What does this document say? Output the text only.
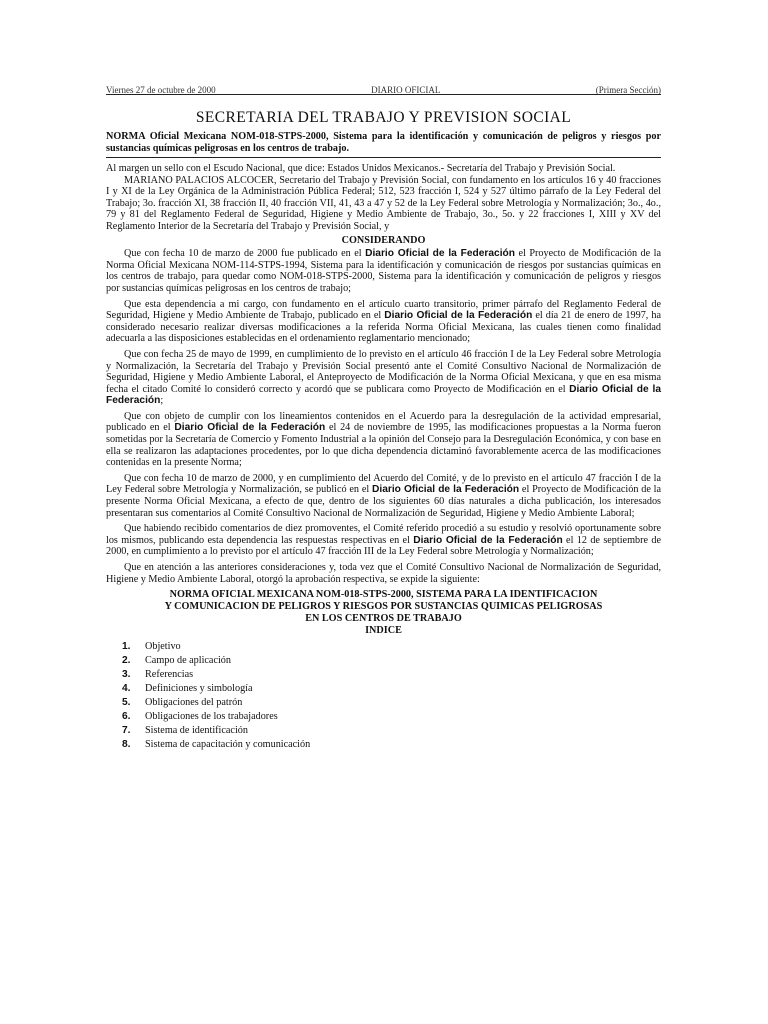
Viernes 27 de octubre de 2000	DIARIO OFICIAL	(Primera Sección)
SECRETARIA DEL TRABAJO Y PREVISION SOCIAL
NORMA Oficial Mexicana NOM-018-STPS-2000, Sistema para la identificación y comunicación de peligros y riesgos por sustancias químicas peligrosas en los centros de trabajo.

Al margen un sello con el Escudo Nacional, que dice: Estados Unidos Mexicanos.- Secretaría del Trabajo y Previsión Social.

MARIANO PALACIOS ALCOCER, Secretario del Trabajo y Previsión Social, con fundamento en los artículos 16 y 40 fracciones I y XI de la Ley Orgánica de la Administración Pública Federal; 512, 523 fracción I, 524 y 527 último párrafo de la Ley Federal del Trabajo; 3o. fracción XI, 38 fracción II, 40 fracción VII, 41, 43 a 47 y 52 de la Ley Federal sobre Metrología y Normalización; 3o., 4o., 79 y 81 del Reglamento Federal de Seguridad, Higiene y Medio Ambiente de Trabajo, 3o., 5o. y 22 fracciones I, XIII y XV del Reglamento Interior de la Secretaría del Trabajo y Previsión Social, y

CONSIDERANDO

Que con fecha 10 de marzo de 2000 fue publicado en el Diario Oficial de la Federación el Proyecto de Modificación de la Norma Oficial Mexicana NOM-114-STPS-1994, Sistema para la identificación y comunicación de riesgos por sustancias químicas en los centros de trabajo, para quedar como NOM-018-STPS-2000, Sistema para la identificación y comunicación de peligros y riesgos por sustancias químicas peligrosas en los centros de trabajo;

Que esta dependencia a mi cargo, con fundamento en el artículo cuarto transitorio, primer párrafo del Reglamento Federal de Seguridad, Higiene y Medio Ambiente de Trabajo, publicado en el Diario Oficial de la Federación el día 21 de enero de 1997, ha considerado necesario realizar diversas modificaciones a la referida Norma Oficial Mexicana, las cuales tienen como finalidad adecuarla a las disposiciones establecidas en el ordenamiento reglamentario mencionado;

Que con fecha 25 de mayo de 1999, en cumplimiento de lo previsto en el artículo 46 fracción I de la Ley Federal sobre Metrología y Normalización, la Secretaría del Trabajo y Previsión Social presentó ante el Comité Consultivo Nacional de Normalización de Seguridad, Higiene y Medio Ambiente Laboral, el Anteproyecto de Modificación de la Norma Oficial Mexicana, y que en esa misma fecha el citado Comité lo consideró correcto y acordó que se publicara como Proyecto de Modificación en el Diario Oficial de la Federación;

Que con objeto de cumplir con los lineamientos contenidos en el Acuerdo para la desregulación de la actividad empresarial, publicado en el Diario Oficial de la Federación el 24 de noviembre de 1995, las modificaciones propuestas a la Norma fueron sometidas por la Secretaría de Comercio y Fomento Industrial a la opinión del Consejo para la Desregulación Económica, y con base en ella se realizaron las adaptaciones procedentes, por lo que dicha dependencia dictaminó favorablemente acerca de las modificaciones contenidas en la presente Norma;

Que con fecha 10 de marzo de 2000, y en cumplimiento del Acuerdo del Comité, y de lo previsto en el artículo 47 fracción I de la Ley Federal sobre Metrología y Normalización, se publicó en el Diario Oficial de la Federación el Proyecto de Modificación de la presente Norma Oficial Mexicana, a efecto de que, dentro de los siguientes 60 días naturales a dicha publicación, los interesados presentaran sus comentarios al Comité Consultivo Nacional de Normalización de Seguridad, Higiene y Medio Ambiente Laboral;

Que habiendo recibido comentarios de diez promoventes, el Comité referido procedió a su estudio y resolvió oportunamente sobre los mismos, publicando esta dependencia las respuestas respectivas en el Diario Oficial de la Federación el 12 de septiembre de 2000, en cumplimiento a lo previsto por el artículo 47 fracción III de la Ley Federal sobre Metrología y Normalización;

Que en atención a las anteriores consideraciones y, toda vez que el Comité Consultivo Nacional de Normalización de Seguridad, Higiene y Medio Ambiente Laboral, otorgó la aprobación respectiva, se expide la siguiente:

NORMA OFICIAL MEXICANA NOM-018-STPS-2000, SISTEMA PARA LA IDENTIFICACION
Y COMUNICACION DE PELIGROS Y RIESGOS POR SUSTANCIAS QUIMICAS PELIGROSAS
EN LOS CENTROS DE TRABAJO
INDICE
1.	Objetivo
2.	Campo de aplicación
3.	Referencias
4.	Definiciones y simbología
5.	Obligaciones del patrón
6.	Obligaciones de los trabajadores
7.	Sistema de identificación
8.	Sistema de capacitación y comunicación
